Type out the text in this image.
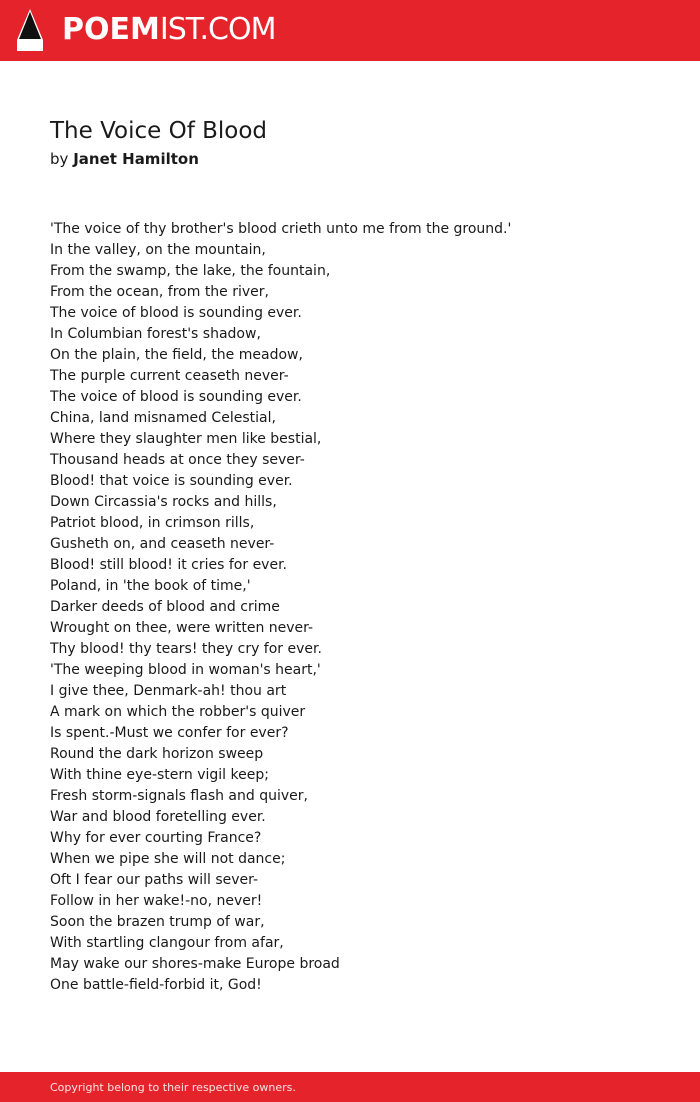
POEMIST.COM
The Voice Of Blood
by Janet Hamilton
'The voice of thy brother's blood crieth unto me from the ground.'
In the valley, on the mountain,
From the swamp, the lake, the fountain,
From the ocean, from the river,
The voice of blood is sounding ever.
In Columbian forest's shadow,
On the plain, the field, the meadow,
The purple current ceaseth never-
The voice of blood is sounding ever.
China, land misnamed Celestial,
Where they slaughter men like bestial,
Thousand heads at once they sever-
Blood! that voice is sounding ever.
Down Circassia's rocks and hills,
Patriot blood, in crimson rills,
Gusheth on, and ceaseth never-
Blood! still blood! it cries for ever.
Poland, in 'the book of time,'
Darker deeds of blood and crime
Wrought on thee, were written never-
Thy blood! thy tears! they cry for ever.
'The weeping blood in woman's heart,'
I give thee, Denmark-ah! thou art
A mark on which the robber's quiver
Is spent.-Must we confer for ever?
Round the dark horizon sweep
With thine eye-stern vigil keep;
Fresh storm-signals flash and quiver,
War and blood foretelling ever.
Why for ever courting France?
When we pipe she will not dance;
Oft I fear our paths will sever-
Follow in her wake!-no, never!
Soon the brazen trump of war,
With startling clangour from afar,
May wake our shores-make Europe broad
One battle-field-forbid it, God!
Copyright belong to their respective owners.
